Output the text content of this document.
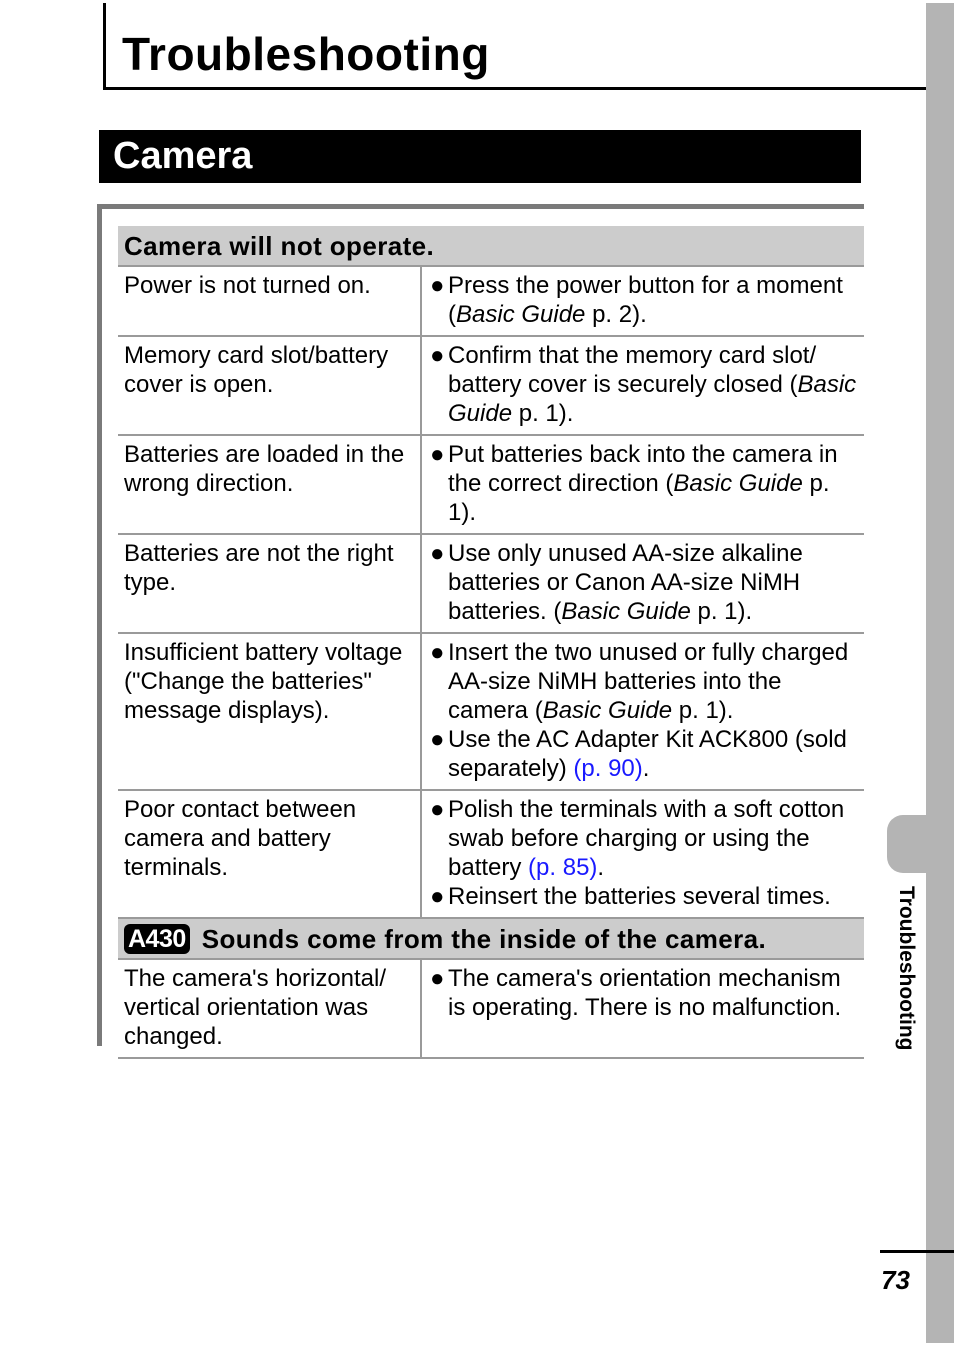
Troubleshooting
Camera
Troubleshooting
73
Camera will not operate.	
Power is not turned on.	● Press the power button for a moment (Basic Guide p. 2).

Memory card slot/battery cover is open.	● Confirm that the memory card slot/ battery cover is securely closed (Basic Guide p. 1).

Batteries are loaded in the wrong direction.	● Put batteries back into the camera in the correct direction (Basic Guide p. 1).

Batteries are not the right type.	● Use only unused AA-size alkaline batteries or Canon AA-size NiMH batteries. (Basic Guide p. 1).

Insufficient battery voltage ("Change the batteries" message displays).	● Insert the two unused or fully charged AA-size NiMH batteries into the camera (Basic Guide p. 1).
● Use the AC Adapter Kit ACK800 (sold separately) (p. 90).

Poor contact between camera and battery terminals.	● Polish the terminals with a soft cotton swab before charging or using the battery (p. 85).
● Reinsert the batteries several times.

A430 Sounds come from the inside of the camera.	
The camera's horizontal/ vertical orientation was changed.	● The camera's orientation mechanism is operating. There is no malfunction.
